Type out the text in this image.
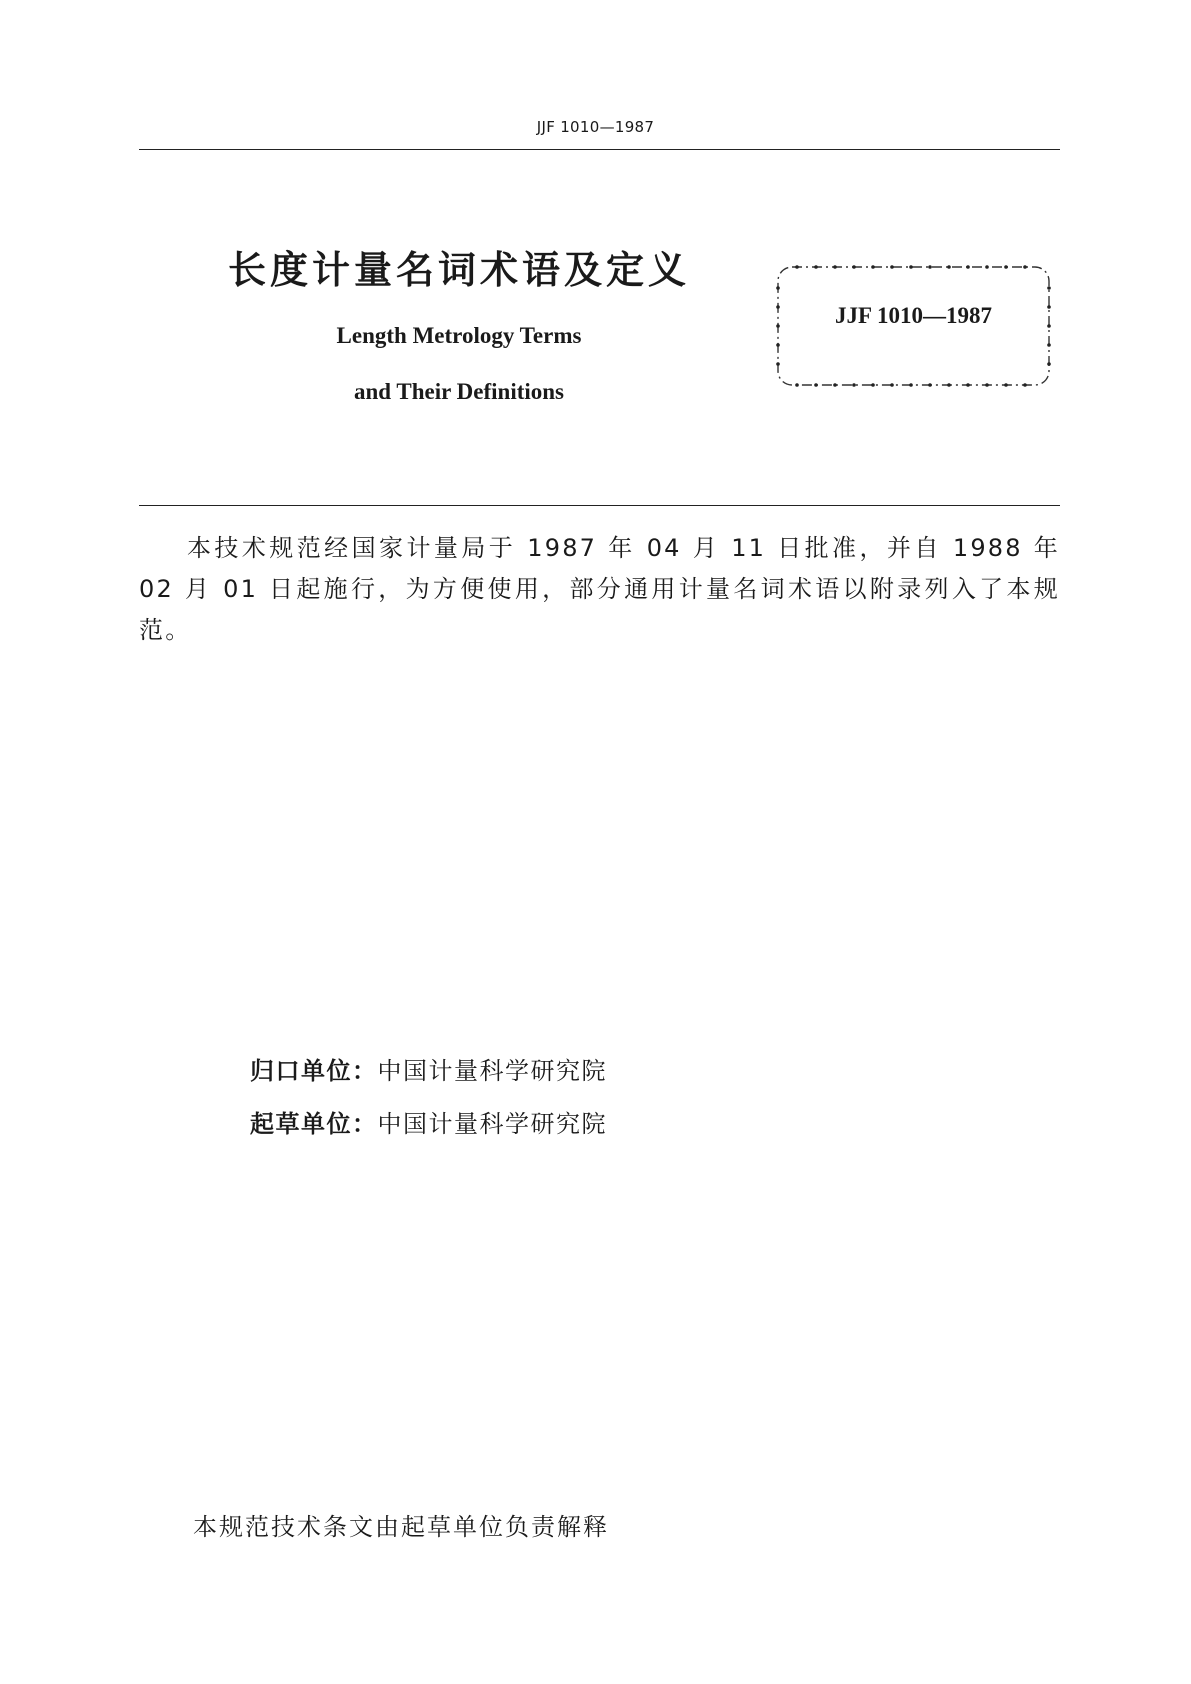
JJF 1010—1987
长度计量名词术语及定义

Length Metrology Terms

and Their Definitions

JJF 1010—1987

本技术规范经国家计量局于 1987 年 04 月 11 日批准，并自 1988 年 02 月 01 日起施行，为方便使用，部分通用计量名词术语以附录列入了本规范。

归口单位：中国计量科学研究院
起草单位：中国计量科学研究院

本规范技术条文由起草单位负责解释
